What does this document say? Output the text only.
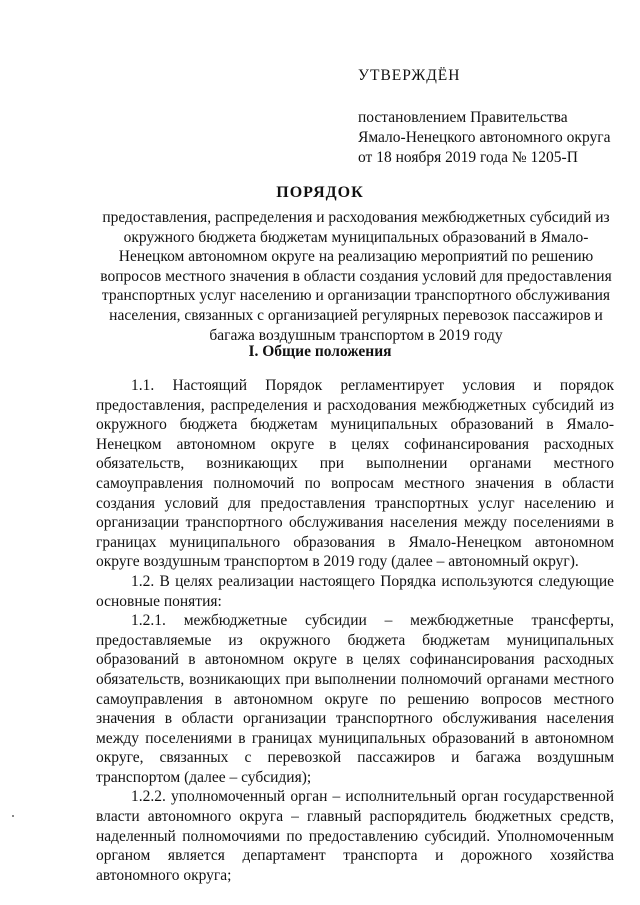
УТВЕРЖДЁН
постановлением Правительства
Ямало-Ненецкого автономного округа
от 18 ноября 2019 года № 1205-П
ПОРЯДОК
предоставления, распределения и расходования межбюджетных субсидий из
окружного бюджета бюджетам муниципальных образований в Ямало-
Ненецком автономном округе на реализацию мероприятий по решению
вопросов местного значения в области создания условий для предоставления
транспортных услуг населению и организации транспортного обслуживания
населения, связанных с организацией регулярных перевозок пассажиров и
багажа воздушным транспортом в 2019 году
I. Общие положения

1.1. Настоящий Порядок регламентирует условия и порядок предоставления, распределения и расходования межбюджетных субсидий из окружного бюджета бюджетам муниципальных образований в Ямало-Ненецком автономном округе в целях софинансирования расходных обязательств, возникающих при выполнении органами местного самоуправления полномочий по вопросам местного значения в области создания условий для предоставления транспортных услуг населению и организации транспортного обслуживания населения между поселениями в границах муниципального образования в Ямало-Ненецком автономном округе воздушным транспортом в 2019 году (далее – автономный округ).

1.2. В целях реализации настоящего Порядка используются следующие основные понятия:

1.2.1. межбюджетные субсидии – межбюджетные трансферты, предоставляемые из окружного бюджета бюджетам муниципальных образований в автономном округе в целях софинансирования расходных обязательств, возникающих при выполнении полномочий органами местного самоуправления в автономном округе по решению вопросов местного значения в области организации транспортного обслуживания населения между поселениями в границах муниципальных образований в автономном округе, связанных с перевозкой пассажиров и багажа воздушным транспортом (далее – субсидия);

1.2.2. уполномоченный орган – исполнительный орган государственной власти автономного округа – главный распорядитель бюджетных средств, наделенный полномочиями по предоставлению субсидий. Уполномоченным органом является департамент транспорта и дорожного хозяйства автономного округа;
